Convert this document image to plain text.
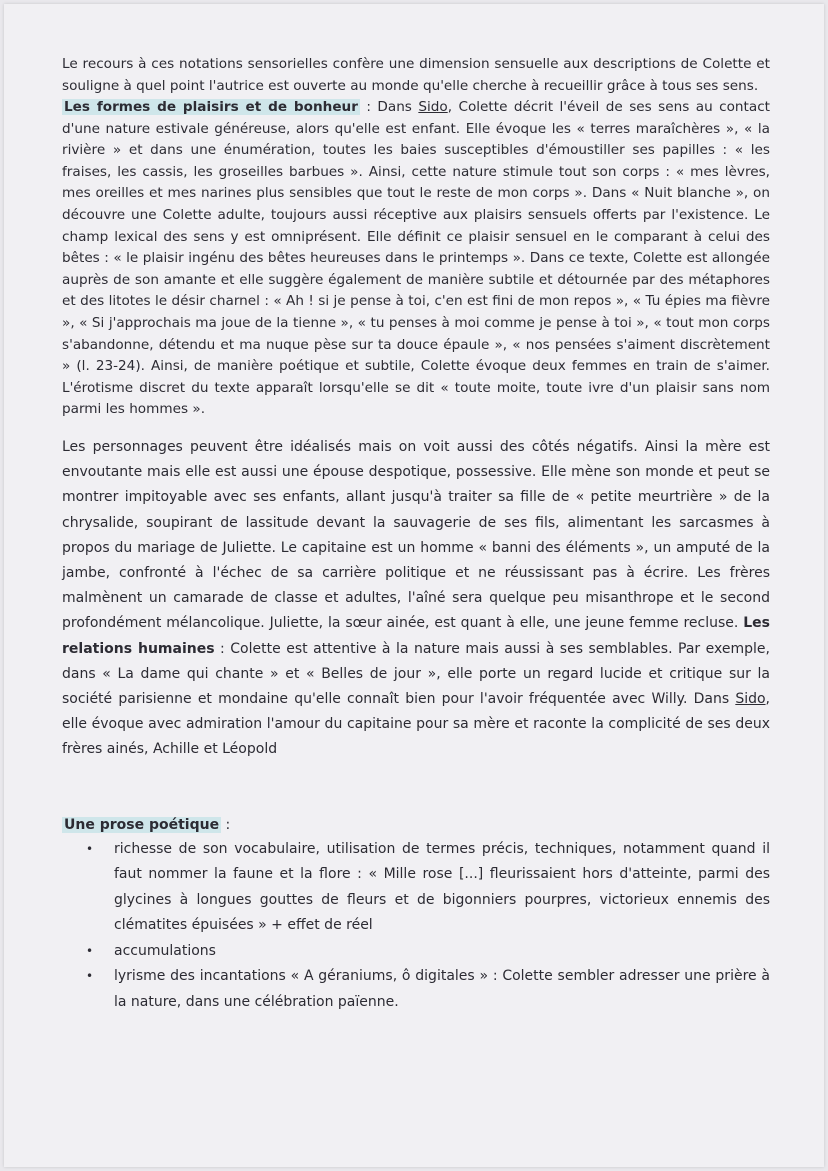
Le recours à ces notations sensorielles confère une dimension sensuelle aux descriptions de Colette et souligne à quel point l'autrice est ouverte au monde qu'elle cherche à recueillir grâce à tous ses sens.

Les formes de plaisirs et de bonheur : Dans Sido, Colette décrit l'éveil de ses sens au contact d'une nature estivale généreuse, alors qu'elle est enfant. Elle évoque les « terres maraîchères », « la rivière » et dans une énumération, toutes les baies susceptibles d'émoustiller ses papilles : « les fraises, les cassis, les groseilles barbues ». Ainsi, cette nature stimule tout son corps : « mes lèvres, mes oreilles et mes narines plus sensibles que tout le reste de mon corps ». Dans « Nuit blanche », on découvre une Colette adulte, toujours aussi réceptive aux plaisirs sensuels offerts par l'existence. Le champ lexical des sens y est omniprésent. Elle définit ce plaisir sensuel en le comparant à celui des bêtes : « le plaisir ingénu des bêtes heureuses dans le printemps ». Dans ce texte, Colette est allongée auprès de son amante et elle suggère également de manière subtile et détournée par des métaphores et des litotes le désir charnel : « Ah ! si je pense à toi, c'en est fini de mon repos », « Tu épies ma fièvre », « Si j'approchais ma joue de la tienne », « tu penses à moi comme je pense à toi », « tout mon corps s'abandonne, détendu et ma nuque pèse sur ta douce épaule », « nos pensées s'aiment discrètement » (l. 23-24). Ainsi, de manière poétique et subtile, Colette évoque deux femmes en train de s'aimer. L'érotisme discret du texte apparaît lorsqu'elle se dit « toute moite, toute ivre d'un plaisir sans nom parmi les hommes ».

Les personnages peuvent être idéalisés mais on voit aussi des côtés négatifs. Ainsi la mère est envoutante mais elle est aussi une épouse despotique, possessive. Elle mène son monde et peut se montrer impitoyable avec ses enfants, allant jusqu'à traiter sa fille de « petite meurtrière » de la chrysalide, soupirant de lassitude devant la sauvagerie de ses fils, alimentant les sarcasmes à propos du mariage de Juliette. Le capitaine est un homme « banni des éléments », un amputé de la jambe, confronté à l'échec de sa carrière politique et ne réussissant pas à écrire. Les frères malmènent un camarade de classe et adultes, l'aîné sera quelque peu misanthrope et le second profondément mélancolique. Juliette, la sœur ainée, est quant à elle, une jeune femme recluse. Les relations humaines : Colette est attentive à la nature mais aussi à ses semblables. Par exemple, dans « La dame qui chante » et « Belles de jour », elle porte un regard lucide et critique sur la société parisienne et mondaine qu'elle connaît bien pour l'avoir fréquentée avec Willy. Dans Sido, elle évoque avec admiration l'amour du capitaine pour sa mère et raconte la complicité de ses deux frères ainés, Achille et Léopold

Une prose poétique :
• richesse de son vocabulaire, utilisation de termes précis, techniques, notamment quand il faut nommer la faune et la flore : « Mille rose [...] fleurissaient hors d'atteinte, parmi des glycines à longues gouttes de fleurs et de bigonniers pourpres, victorieux ennemis des clématites épuisées » + effet de réel
• accumulations
• lyrisme des incantations « A géraniums, ô digitales » : Colette sembler adresser une prière à la nature, dans une célébration païenne.
